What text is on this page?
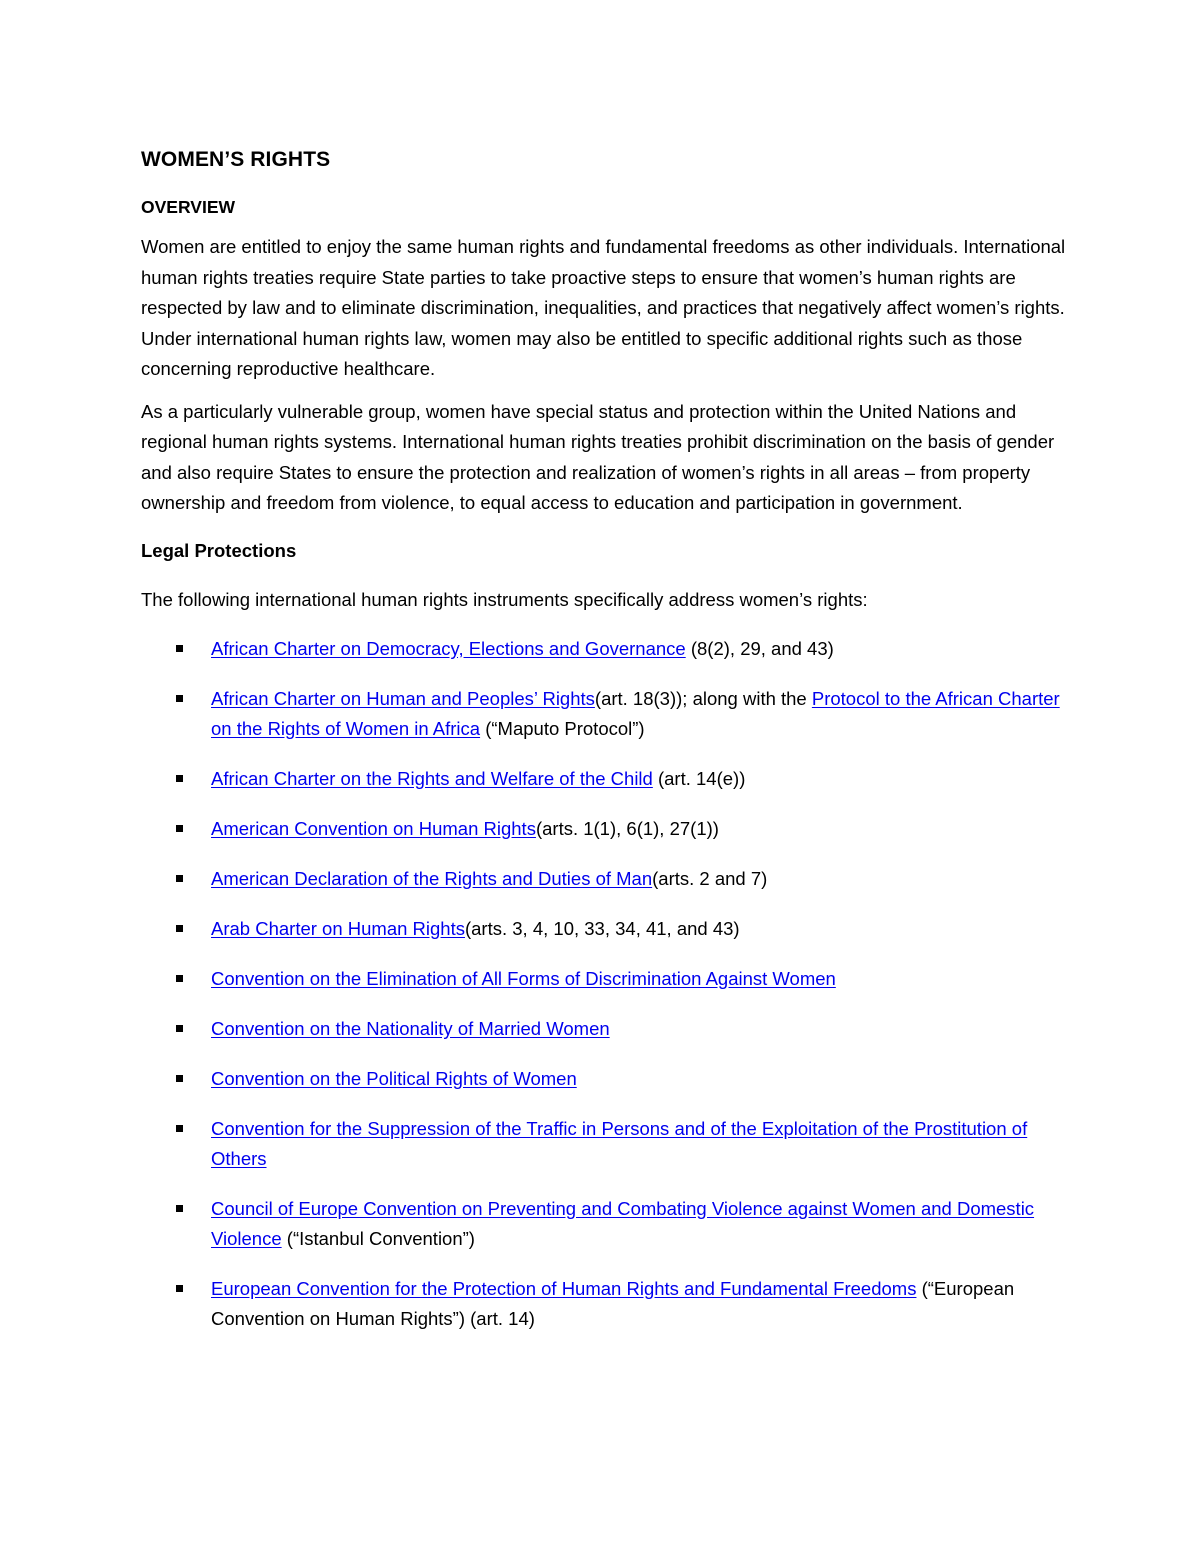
WOMEN’S RIGHTS
OVERVIEW

Women are entitled to enjoy the same human rights and fundamental freedoms as other individuals. International human rights treaties require State parties to take proactive steps to ensure that women’s human rights are respected by law and to eliminate discrimination, inequalities, and practices that negatively affect women’s rights. Under international human rights law, women may also be entitled to specific additional rights such as those concerning reproductive healthcare.

As a particularly vulnerable group, women have special status and protection within the United Nations and regional human rights systems. International human rights treaties prohibit discrimination on the basis of gender and also require States to ensure the protection and realization of women’s rights in all areas – from property ownership and freedom from violence, to equal access to education and participation in government.

Legal Protections

The following international human rights instruments specifically address women’s rights:

African Charter on Democracy, Elections and Governance (8(2), 29, and 43)
African Charter on Human and Peoples’ Rights(art. 18(3)); along with the Protocol to the African Charter on the Rights of Women in Africa (“Maputo Protocol”)
African Charter on the Rights and Welfare of the Child (art. 14(e))
American Convention on Human Rights(arts. 1(1), 6(1), 27(1))
American Declaration of the Rights and Duties of Man(arts. 2 and 7)
Arab Charter on Human Rights(arts. 3, 4, 10, 33, 34, 41, and 43)
Convention on the Elimination of All Forms of Discrimination Against Women
Convention on the Nationality of Married Women
Convention on the Political Rights of Women
Convention for the Suppression of the Traffic in Persons and of the Exploitation of the Prostitution of Others
Council of Europe Convention on Preventing and Combating Violence against Women and Domestic Violence (“Istanbul Convention”)
European Convention for the Protection of Human Rights and Fundamental Freedoms (“European Convention on Human Rights”) (art. 14)
